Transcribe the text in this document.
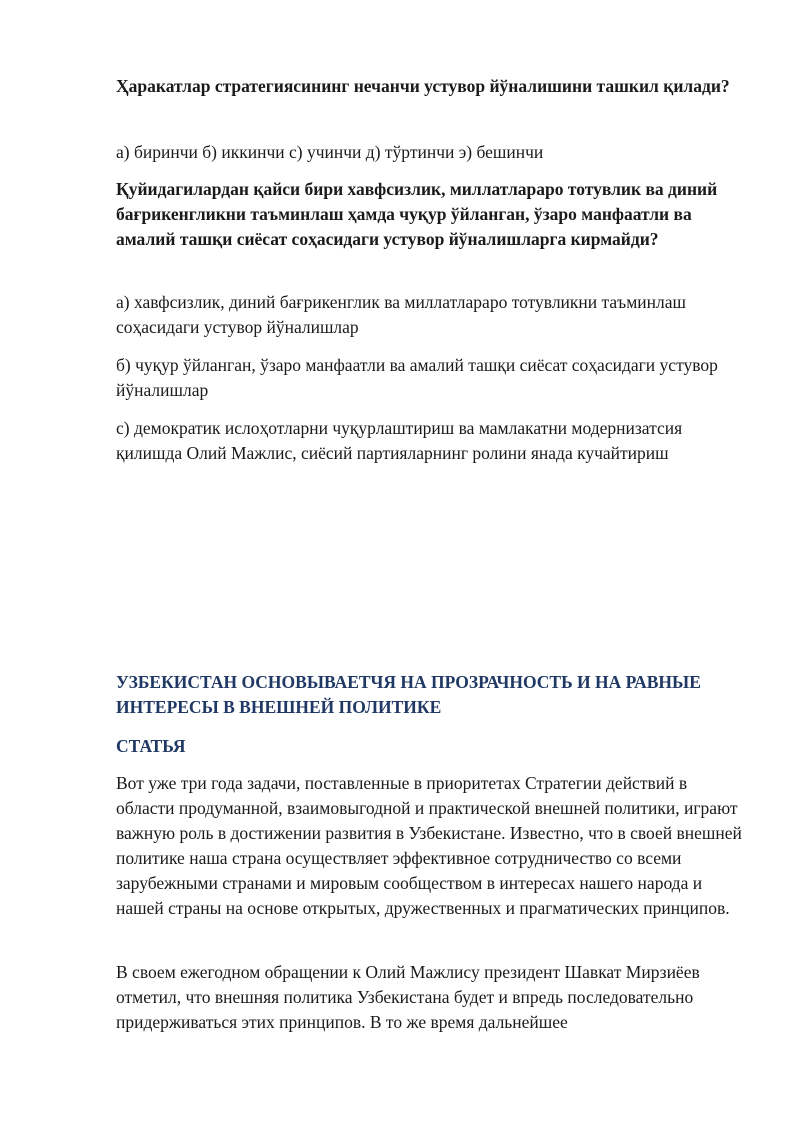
Ҳаракатлар стратегиясининг нечанчи устувор йўналишини ташкил қилади?

а) биринчи б) иккинчи с) учинчи д) тўртинчи э) бешинчи

Қуйидагилардан қайси бири хавфсизлик, миллатлараро тотувлик ва диний бағрикенгликни таъминлаш ҳамда чуқур ўйланган, ўзаро манфаатли ва амалий ташқи сиёсат соҳасидаги устувор йўналишларга кирмайди?

а) хавфсизлик, диний бағрикенглик ва миллатлараро тотувликни таъминлаш соҳасидаги устувор йўналишлар

б) чуқур ўйланган, ўзаро манфаатли ва амалий ташқи сиёсат соҳасидаги устувор йўналишлар

с) демократик ислоҳотларни чуқурлаштириш ва мамлакатни модернизатсия қилишда Олий Мажлис, сиёсий партияларнинг ролини янада кучайтириш

УЗБЕКИСТАН ОСНОВЫВАЕТЧЯ НА ПРОЗРАЧНОСТЬ И НА РАВНЫЕ ИНТЕРЕСЫ В ВНЕШНЕЙ ПОЛИТИКЕ

СТАТЬЯ

Вот уже три года задачи, поставленные в приоритетах Стратегии действий в области продуманной, взаимовыгодной и практической внешней политики, играют важную роль в достижении развития в Узбекистане. Известно, что в своей внешней политике наша страна осуществляет эффективное сотрудничество со всеми зарубежными странами и мировым сообществом в интересах нашего народа и нашей страны на основе открытых, дружественных и прагматических принципов.

В своем ежегодном обращении к Олий Мажлису президент Шавкат Мирзиёев отметил, что внешняя политика Узбекистана будет и впредь последовательно придерживаться этих принципов. В то же время дальнейшее
